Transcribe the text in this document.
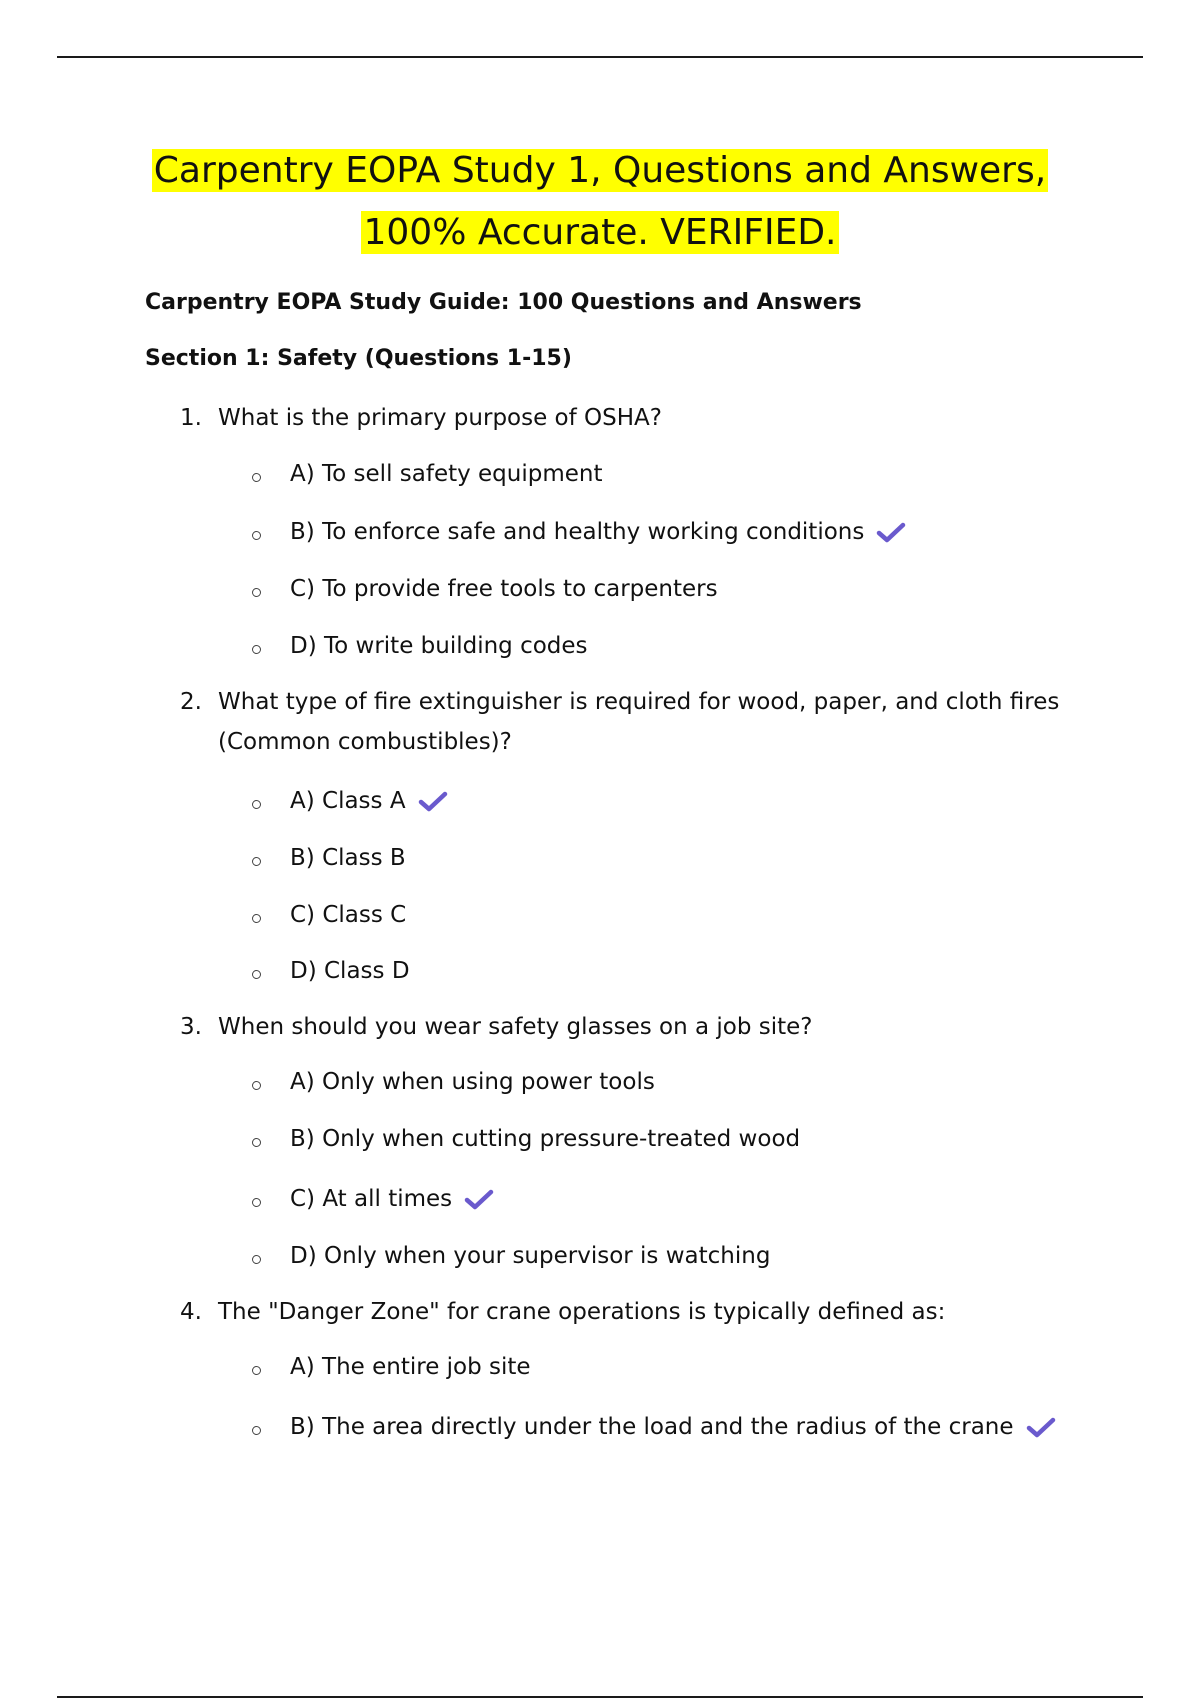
Carpentry EOPA Study 1, Questions and Answers,
100% Accurate. VERIFIED.
Carpentry EOPA Study Guide: 100 Questions and Answers
Section 1: Safety (Questions 1-15)
1. What is the primary purpose of OSHA?
A) To sell safety equipment
B) To enforce safe and healthy working conditions
C) To provide free tools to carpenters
D) To write building codes
2. What type of fire extinguisher is required for wood, paper, and cloth fires (Common combustibles)?
A) Class A
B) Class B
C) Class C
D) Class D
3. When should you wear safety glasses on a job site?
A) Only when using power tools
B) Only when cutting pressure-treated wood
C) At all times
D) Only when your supervisor is watching
4. The "Danger Zone" for crane operations is typically defined as:
A) The entire job site
B) The area directly under the load and the radius of the crane
